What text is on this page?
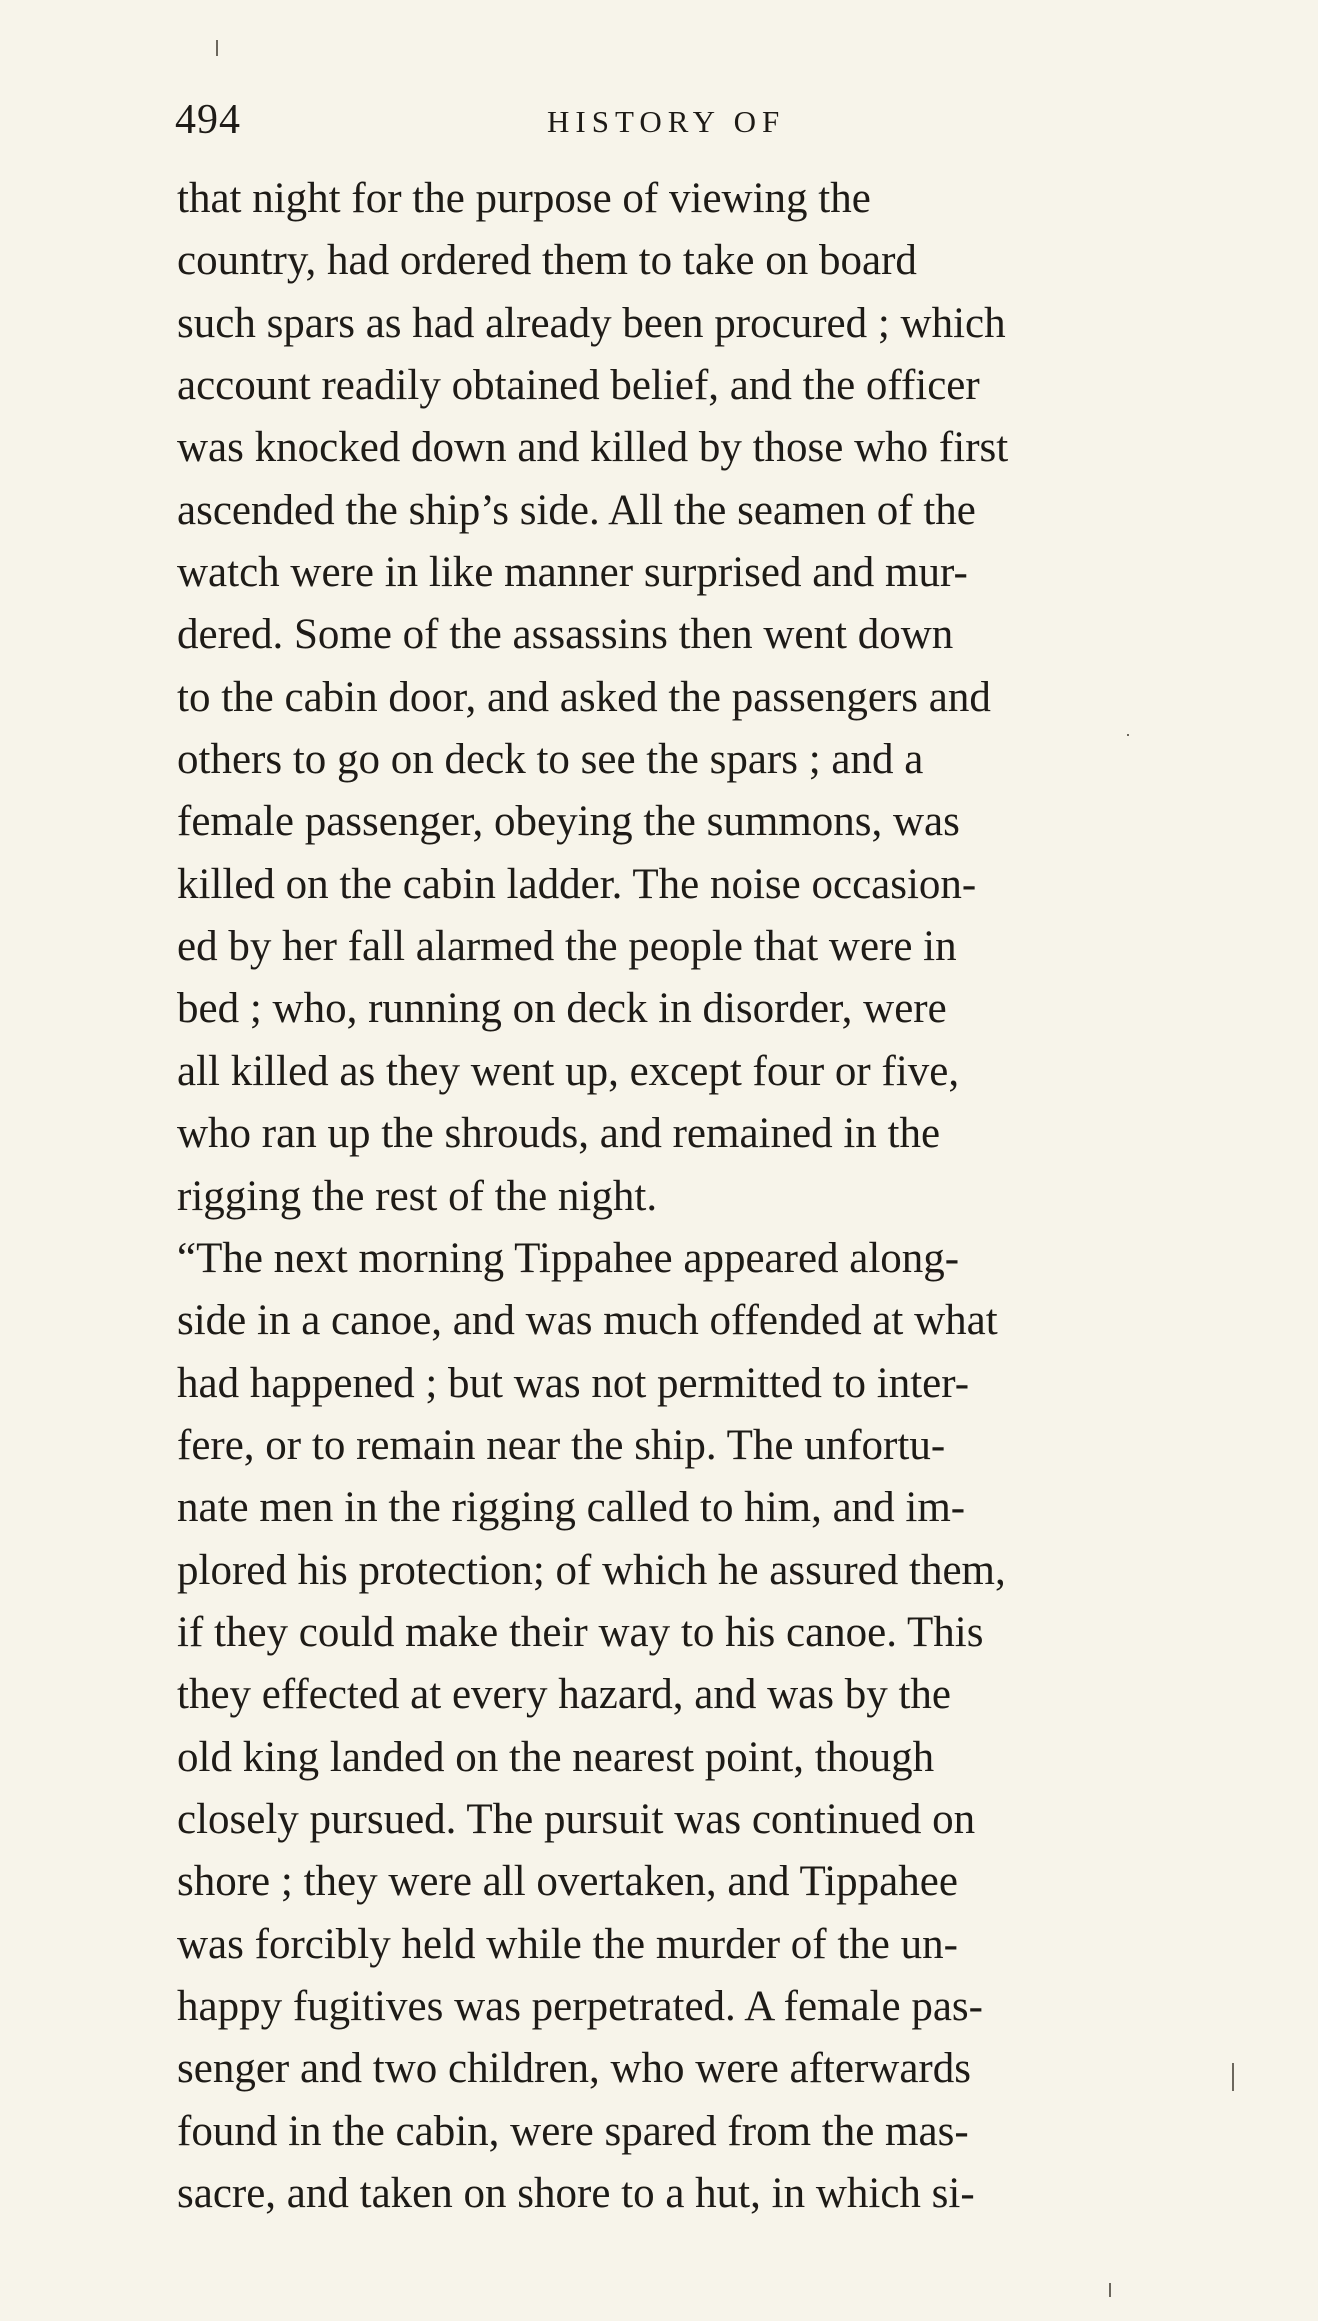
494	HISTORY OF
that night for the purpose of viewing the
country, had ordered them to take on board
such spars as had already been procured ; which
account readily obtained belief, and the officer
was knocked down and killed by those who first
ascended the ship’s side. All the seamen of the
watch were in like manner surprised and mur-
dered. Some of the assassins then went down
to the cabin door, and asked the passengers and
others to go on deck to see the spars ; and a
female passenger, obeying the summons, was
killed on the cabin ladder. The noise occasion-
ed by her fall alarmed the people that were in
bed ; who, running on deck in disorder, were
all killed as they went up, except four or five,
who ran up the shrouds, and remained in the
rigging the rest of the night.
“The next morning Tippahee appeared along-
side in a canoe, and was much offended at what
had happened ; but was not permitted to inter-
fere, or to remain near the ship. The unfortu-
nate men in the rigging called to him, and im-
plored his protection; of which he assured them,
if they could make their way to his canoe. This
they effected at every hazard, and was by the
old king landed on the nearest point, though
closely pursued. The pursuit was continued on
shore ; they were all overtaken, and Tippahee
was forcibly held while the murder of the un-
happy fugitives was perpetrated. A female pas-
senger and two children, who were afterwards
found in the cabin, were spared from the mas-
sacre, and taken on shore to a hut, in which si-
